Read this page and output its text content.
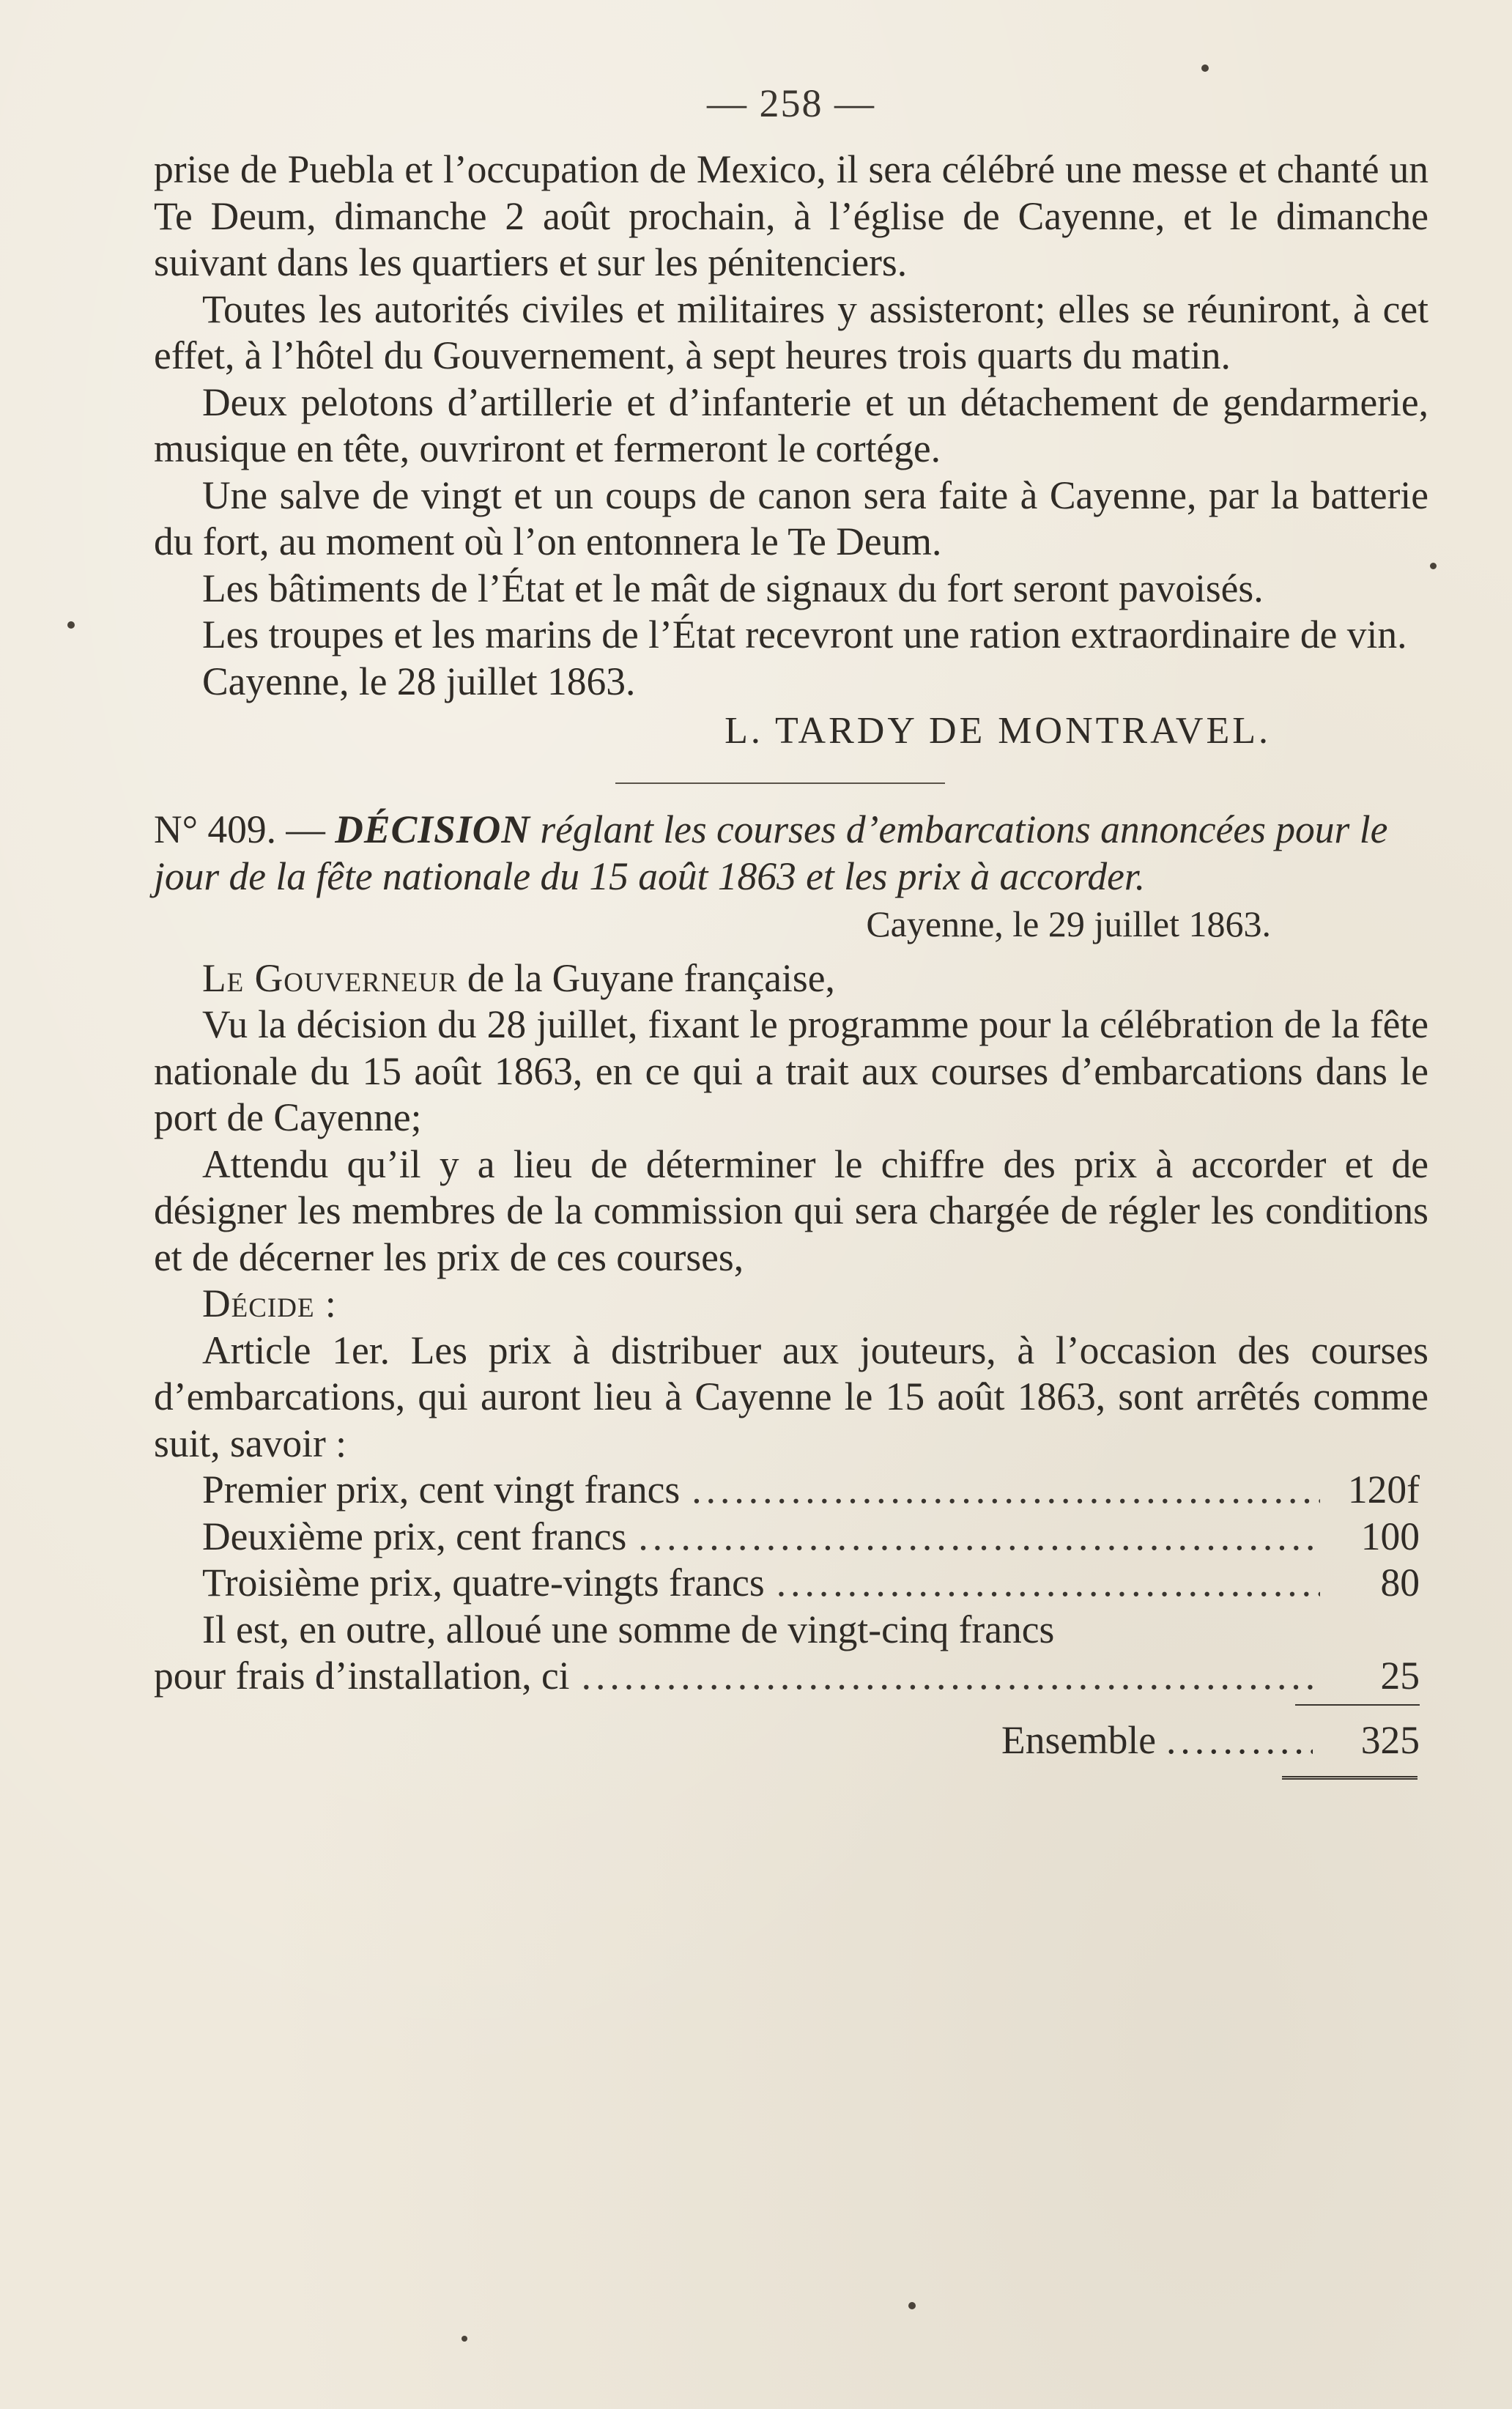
— 258 —

prise de Puebla et l’occupation de Mexico, il sera célébré une messe et chanté un Te Deum, dimanche 2 août prochain, à l’église de Cayenne, et le dimanche suivant dans les quartiers et sur les pénitenciers.

Toutes les autorités civiles et militaires y assisteront; elles se réuniront, à cet effet, à l’hôtel du Gouvernement, à sept heures trois quarts du matin.

Deux pelotons d’artillerie et d’infanterie et un détachement de gendarmerie, musique en tête, ouvriront et fermeront le cortége.

Une salve de vingt et un coups de canon sera faite à Cayenne, par la batterie du fort, au moment où l’on entonnera le Te Deum.

Les bâtiments de l’État et le mât de signaux du fort seront pavoisés.

Les troupes et les marins de l’État recevront une ration extraordinaire de vin.

Cayenne, le 28 juillet 1863.

L. TARDY DE MONTRAVEL.

N° 409. — DÉCISION réglant les courses d’embarcations annoncées pour le jour de la fête nationale du 15 août 1863 et les prix à accorder.

Cayenne, le 29 juillet 1863.

Le Gouverneur de la Guyane française,

Vu la décision du 28 juillet, fixant le programme pour la célébration de la fête nationale du 15 août 1863, en ce qui a trait aux courses d’embarcations dans le port de Cayenne;

Attendu qu’il y a lieu de déterminer le chiffre des prix à accorder et de désigner les membres de la commission qui sera chargée de régler les conditions et de décerner les prix de ces courses,

Décide :

Article 1er. Les prix à distribuer aux jouteurs, à l’occasion des courses d’embarcations, qui auront lieu à Cayenne le 15 août 1863, sont arrêtés comme suit, savoir :

Premier prix, cent vingt francs .....	120f
Deuxième prix, cent francs .....	100
Troisième prix, quatre-vingts francs .....	80

Il est, en outre, alloué une somme de vingt-cinq francs

pour frais d’installation, ci .....	25
Ensemble .....	325
